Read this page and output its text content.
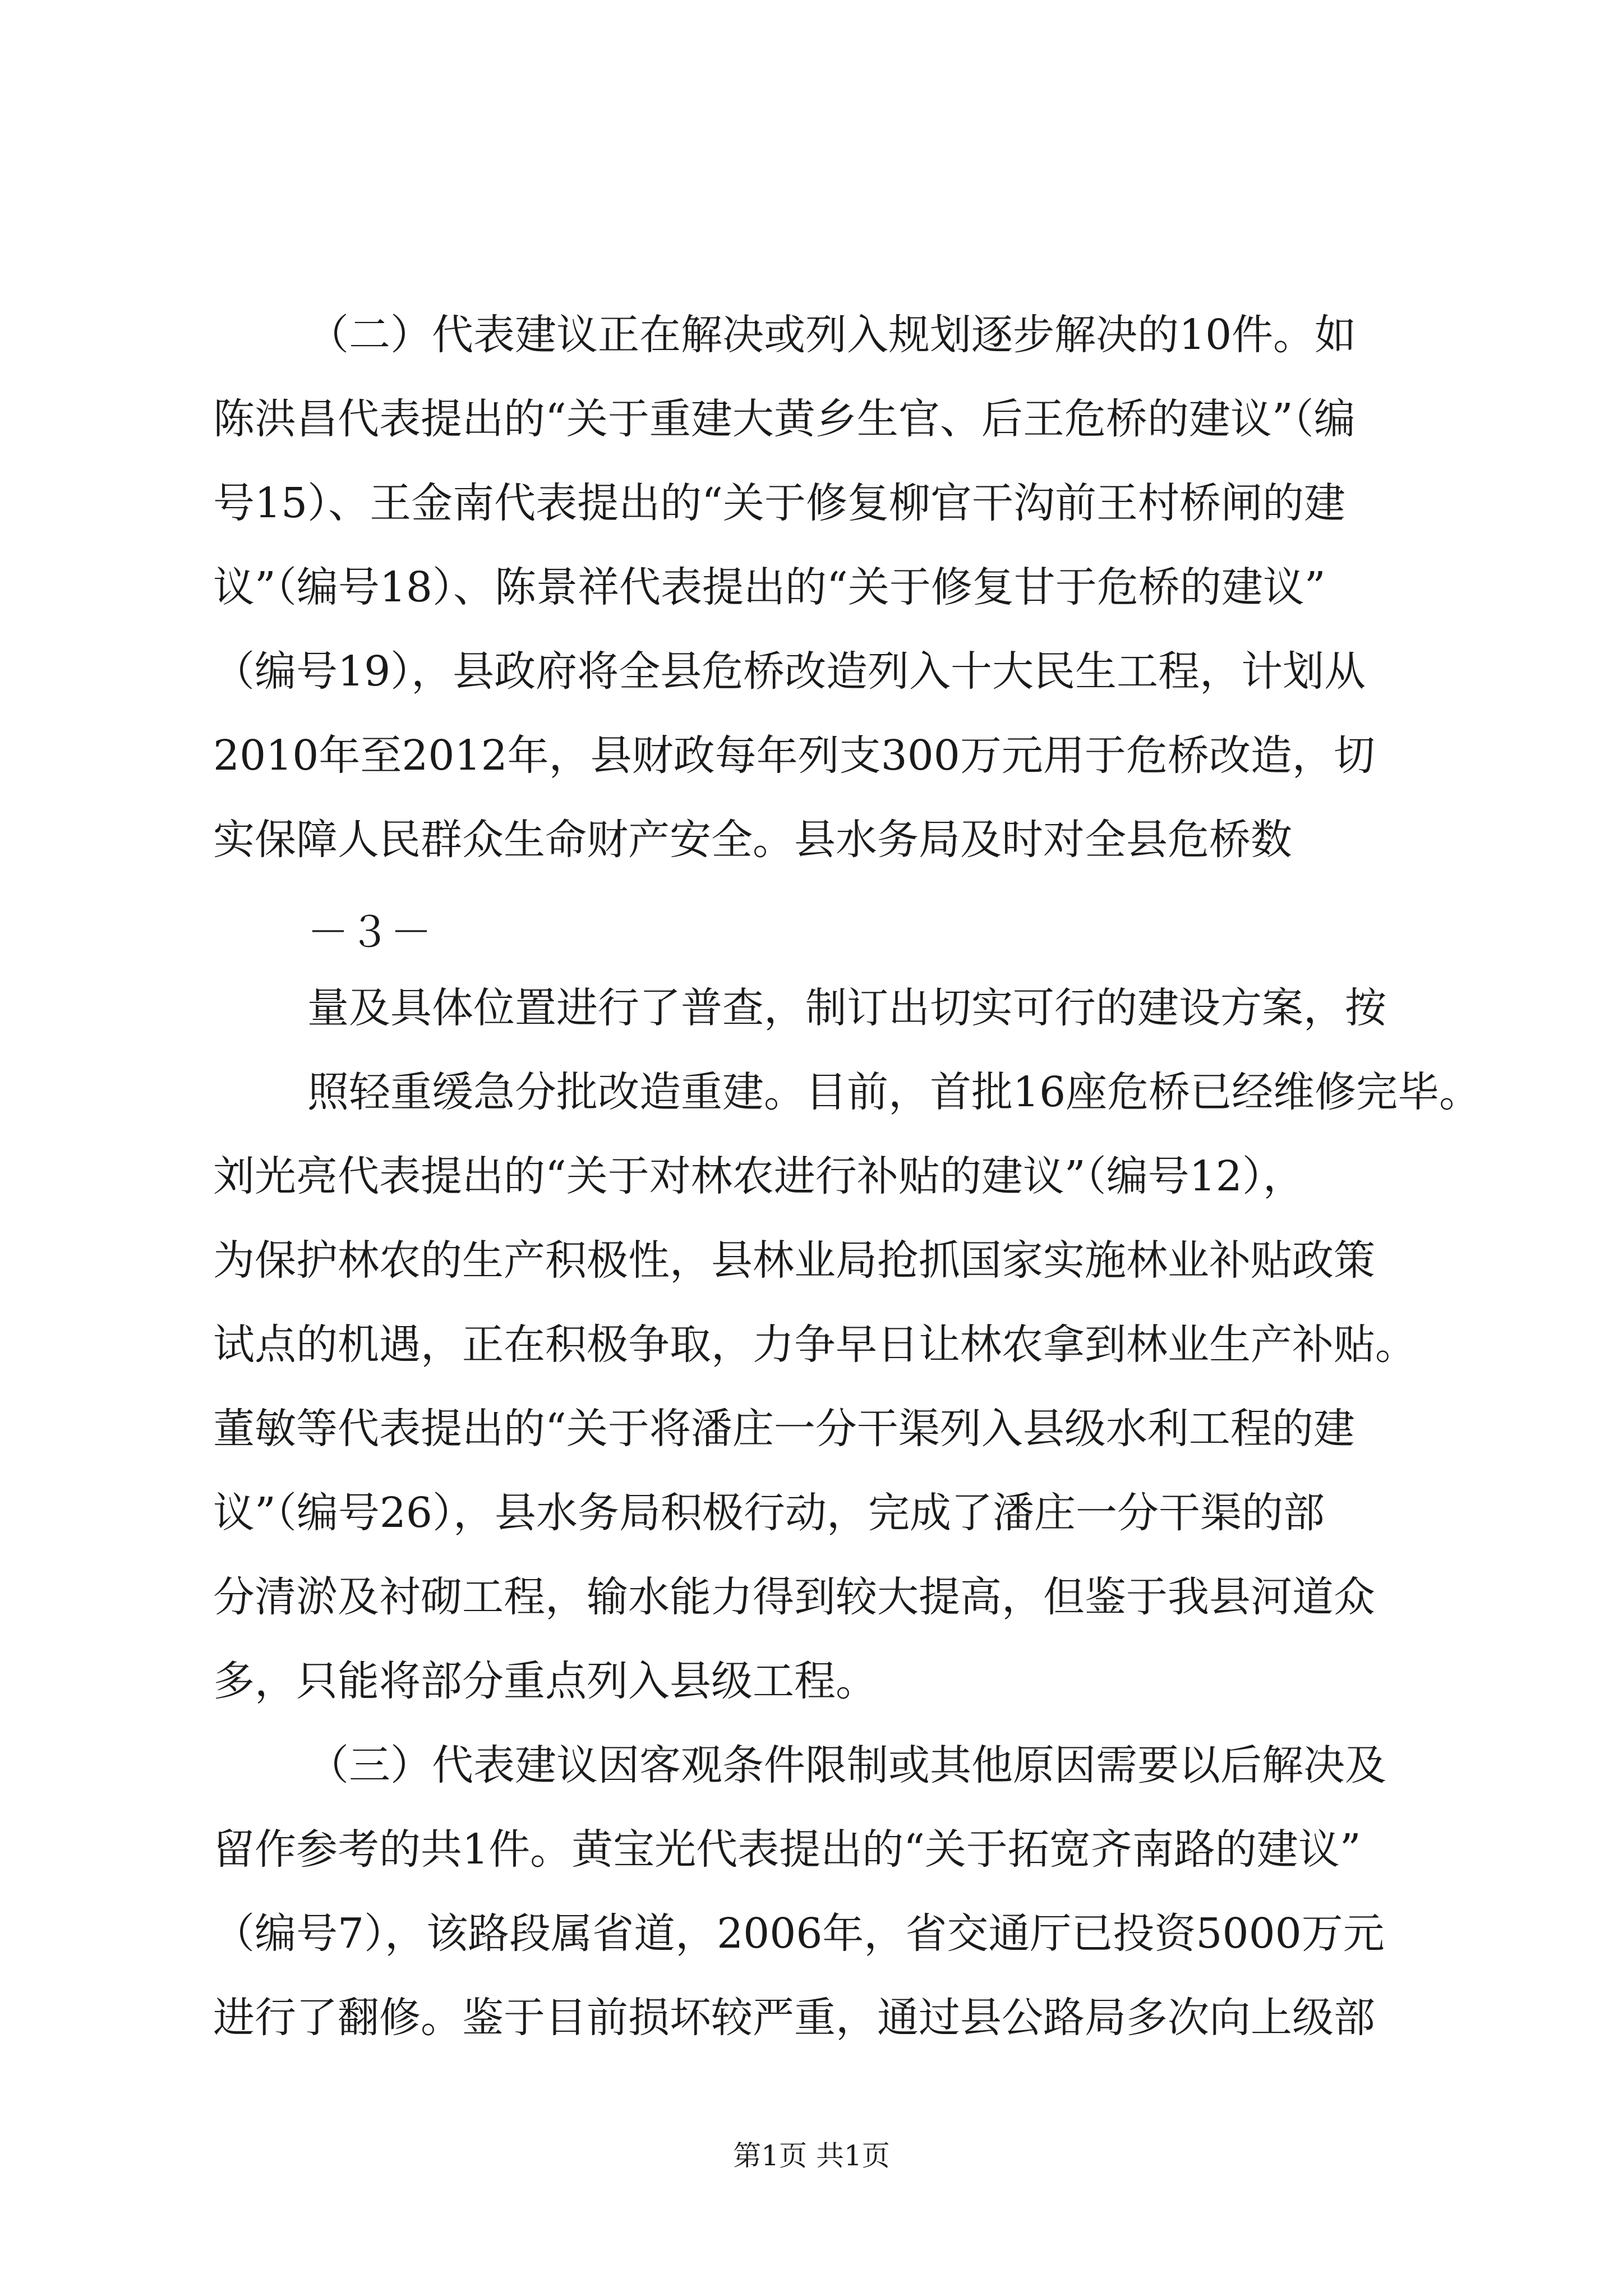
（二）代表建议正在解决或列入规划逐步解决的10件。如
陈洪昌代表提出的“关于重建大黄乡生官、后王危桥的建议”（编
号15）、王金南代表提出的“关于修复柳官干沟前王村桥闸的建
议”（编号18）、陈景祥代表提出的“关于修复甘于危桥的建议”
（编号19），县政府将全县危桥改造列入十大民生工程，计划从
2010年至2012年，县财政每年列支300万元用于危桥改造，切
实保障人民群众生命财产安全。县水务局及时对全县危桥数
－３－
量及具体位置进行了普查，制订出切实可行的建设方案，按
照轻重缓急分批改造重建。目前，首批16座危桥已经维修完毕。
刘光亮代表提出的“关于对林农进行补贴的建议”（编号12），
为保护林农的生产积极性，县林业局抢抓国家实施林业补贴政策
试点的机遇，正在积极争取，力争早日让林农拿到林业生产补贴。
董敏等代表提出的“关于将潘庄一分干渠列入县级水利工程的建
议”（编号26），县水务局积极行动，完成了潘庄一分干渠的部
分清淤及衬砌工程，输水能力得到较大提高，但鉴于我县河道众
多，只能将部分重点列入县级工程。
（三）代表建议因客观条件限制或其他原因需要以后解决及
留作参考的共1件。黄宝光代表提出的“关于拓宽齐南路的建议”
（编号7），该路段属省道，2006年，省交通厅已投资5000万元
进行了翻修。鉴于目前损坏较严重，通过县公路局多次向上级部
第1页 共1页
